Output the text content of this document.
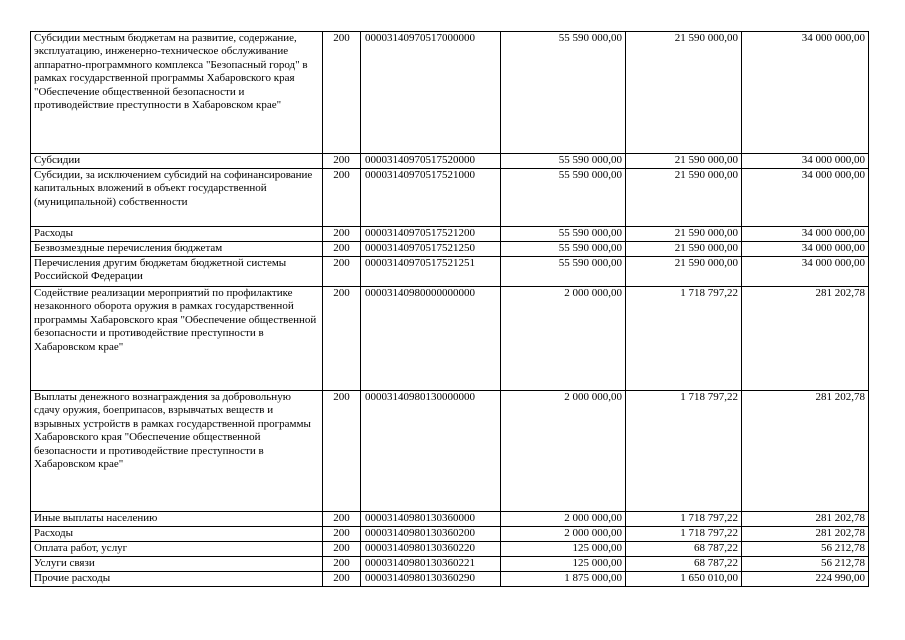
Субсидии местным бюджетам на развитие, содержание, эксплуатацию, инженерно-техническое обслуживание аппаратно-программного комплекса "Безопасный город" в рамках государственной программы Хабаровского края "Обеспечение общественной безопасности и противодействие преступности в Хабаровском крае"	200	00003140970517000000	55 590 000,00	21 590 000,00	34 000 000,00
Субсидии	200	00003140970517520000	55 590 000,00	21 590 000,00	34 000 000,00
Субсидии, за исключением субсидий на софинансирование капитальных вложений в объект государственной (муниципальной) собственности	200	00003140970517521000	55 590 000,00	21 590 000,00	34 000 000,00
Расходы	200	00003140970517521200	55 590 000,00	21 590 000,00	34 000 000,00
Безвозмездные перечисления бюджетам	200	00003140970517521250	55 590 000,00	21 590 000,00	34 000 000,00
Перечисления другим бюджетам бюджетной системы Российской Федерации	200	00003140970517521251	55 590 000,00	21 590 000,00	34 000 000,00
Содействие реализации мероприятий по профилактике незаконного оборота оружия в рамках государственной программы Хабаровского края "Обеспечение общественной безопасности и противодействие преступности в Хабаровском крае"	200	00003140980000000000	2 000 000,00	1 718 797,22	281 202,78
Выплаты денежного вознаграждения за добровольную сдачу оружия, боеприпасов, взрывчатых веществ и взрывных устройств в рамках государственной программы Хабаровского края "Обеспечение общественной безопасности и противодействие преступности в Хабаровском крае"	200	00003140980130000000	2 000 000,00	1 718 797,22	281 202,78
Иные выплаты населению	200	00003140980130360000	2 000 000,00	1 718 797,22	281 202,78
Расходы	200	00003140980130360200	2 000 000,00	1 718 797,22	281 202,78
Оплата работ, услуг	200	00003140980130360220	125 000,00	68 787,22	56 212,78
Услуги связи	200	00003140980130360221	125 000,00	68 787,22	56 212,78
Прочие расходы	200	00003140980130360290	1 875 000,00	1 650 010,00	224 990,00
